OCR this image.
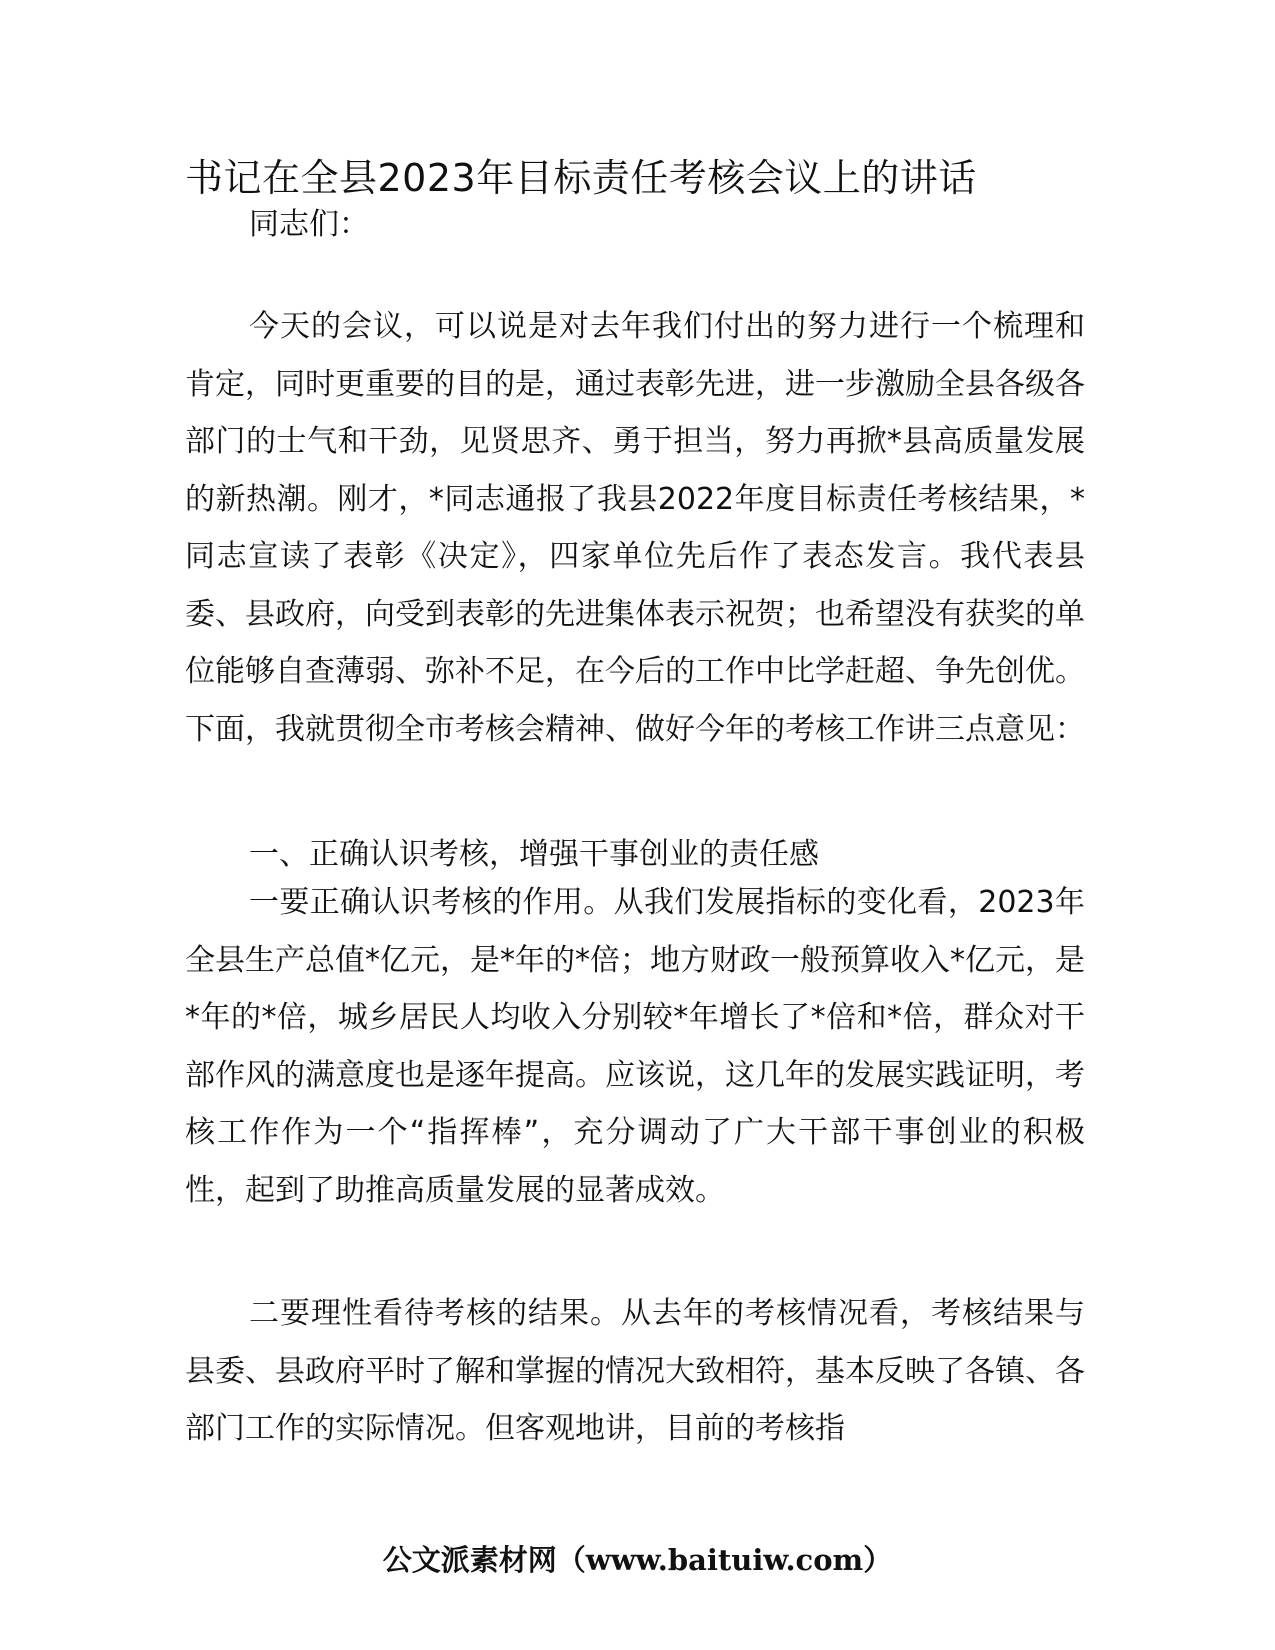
书记在全县2023年目标责任考核会议上的讲话

同志们：

今天的会议，可以说是对去年我们付出的努力进行一个梳理和肯定，同时更重要的目的是，通过表彰先进，进一步激励全县各级各部门的士气和干劲，见贤思齐、勇于担当，努力再掀*县高质量发展的新热潮。刚才，*同志通报了我县2022年度目标责任考核结果，*同志宣读了表彰《决定》，四家单位先后作了表态发言。我代表县委、县政府，向受到表彰的先进集体表示祝贺；也希望没有获奖的单位能够自查薄弱、弥补不足，在今后的工作中比学赶超、争先创优。下面，我就贯彻全市考核会精神、做好今年的考核工作讲三点意见：

一、正确认识考核，增强干事创业的责任感

一要正确认识考核的作用。从我们发展指标的变化看，2023年全县生产总值*亿元，是*年的*倍；地方财政一般预算收入*亿元，是*年的*倍，城乡居民人均收入分别较*年增长了*倍和*倍，群众对干部作风的满意度也是逐年提高。应该说，这几年的发展实践证明，考核工作作为一个“指挥棒”，充分调动了广大干部干事创业的积极性，起到了助推高质量发展的显著成效。

二要理性看待考核的结果。从去年的考核情况看，考核结果与县委、县政府平时了解和掌握的情况大致相符，基本反映了各镇、各部门工作的实际情况。但客观地讲，目前的考核指

公文派素材网（www.baituiw.com）
